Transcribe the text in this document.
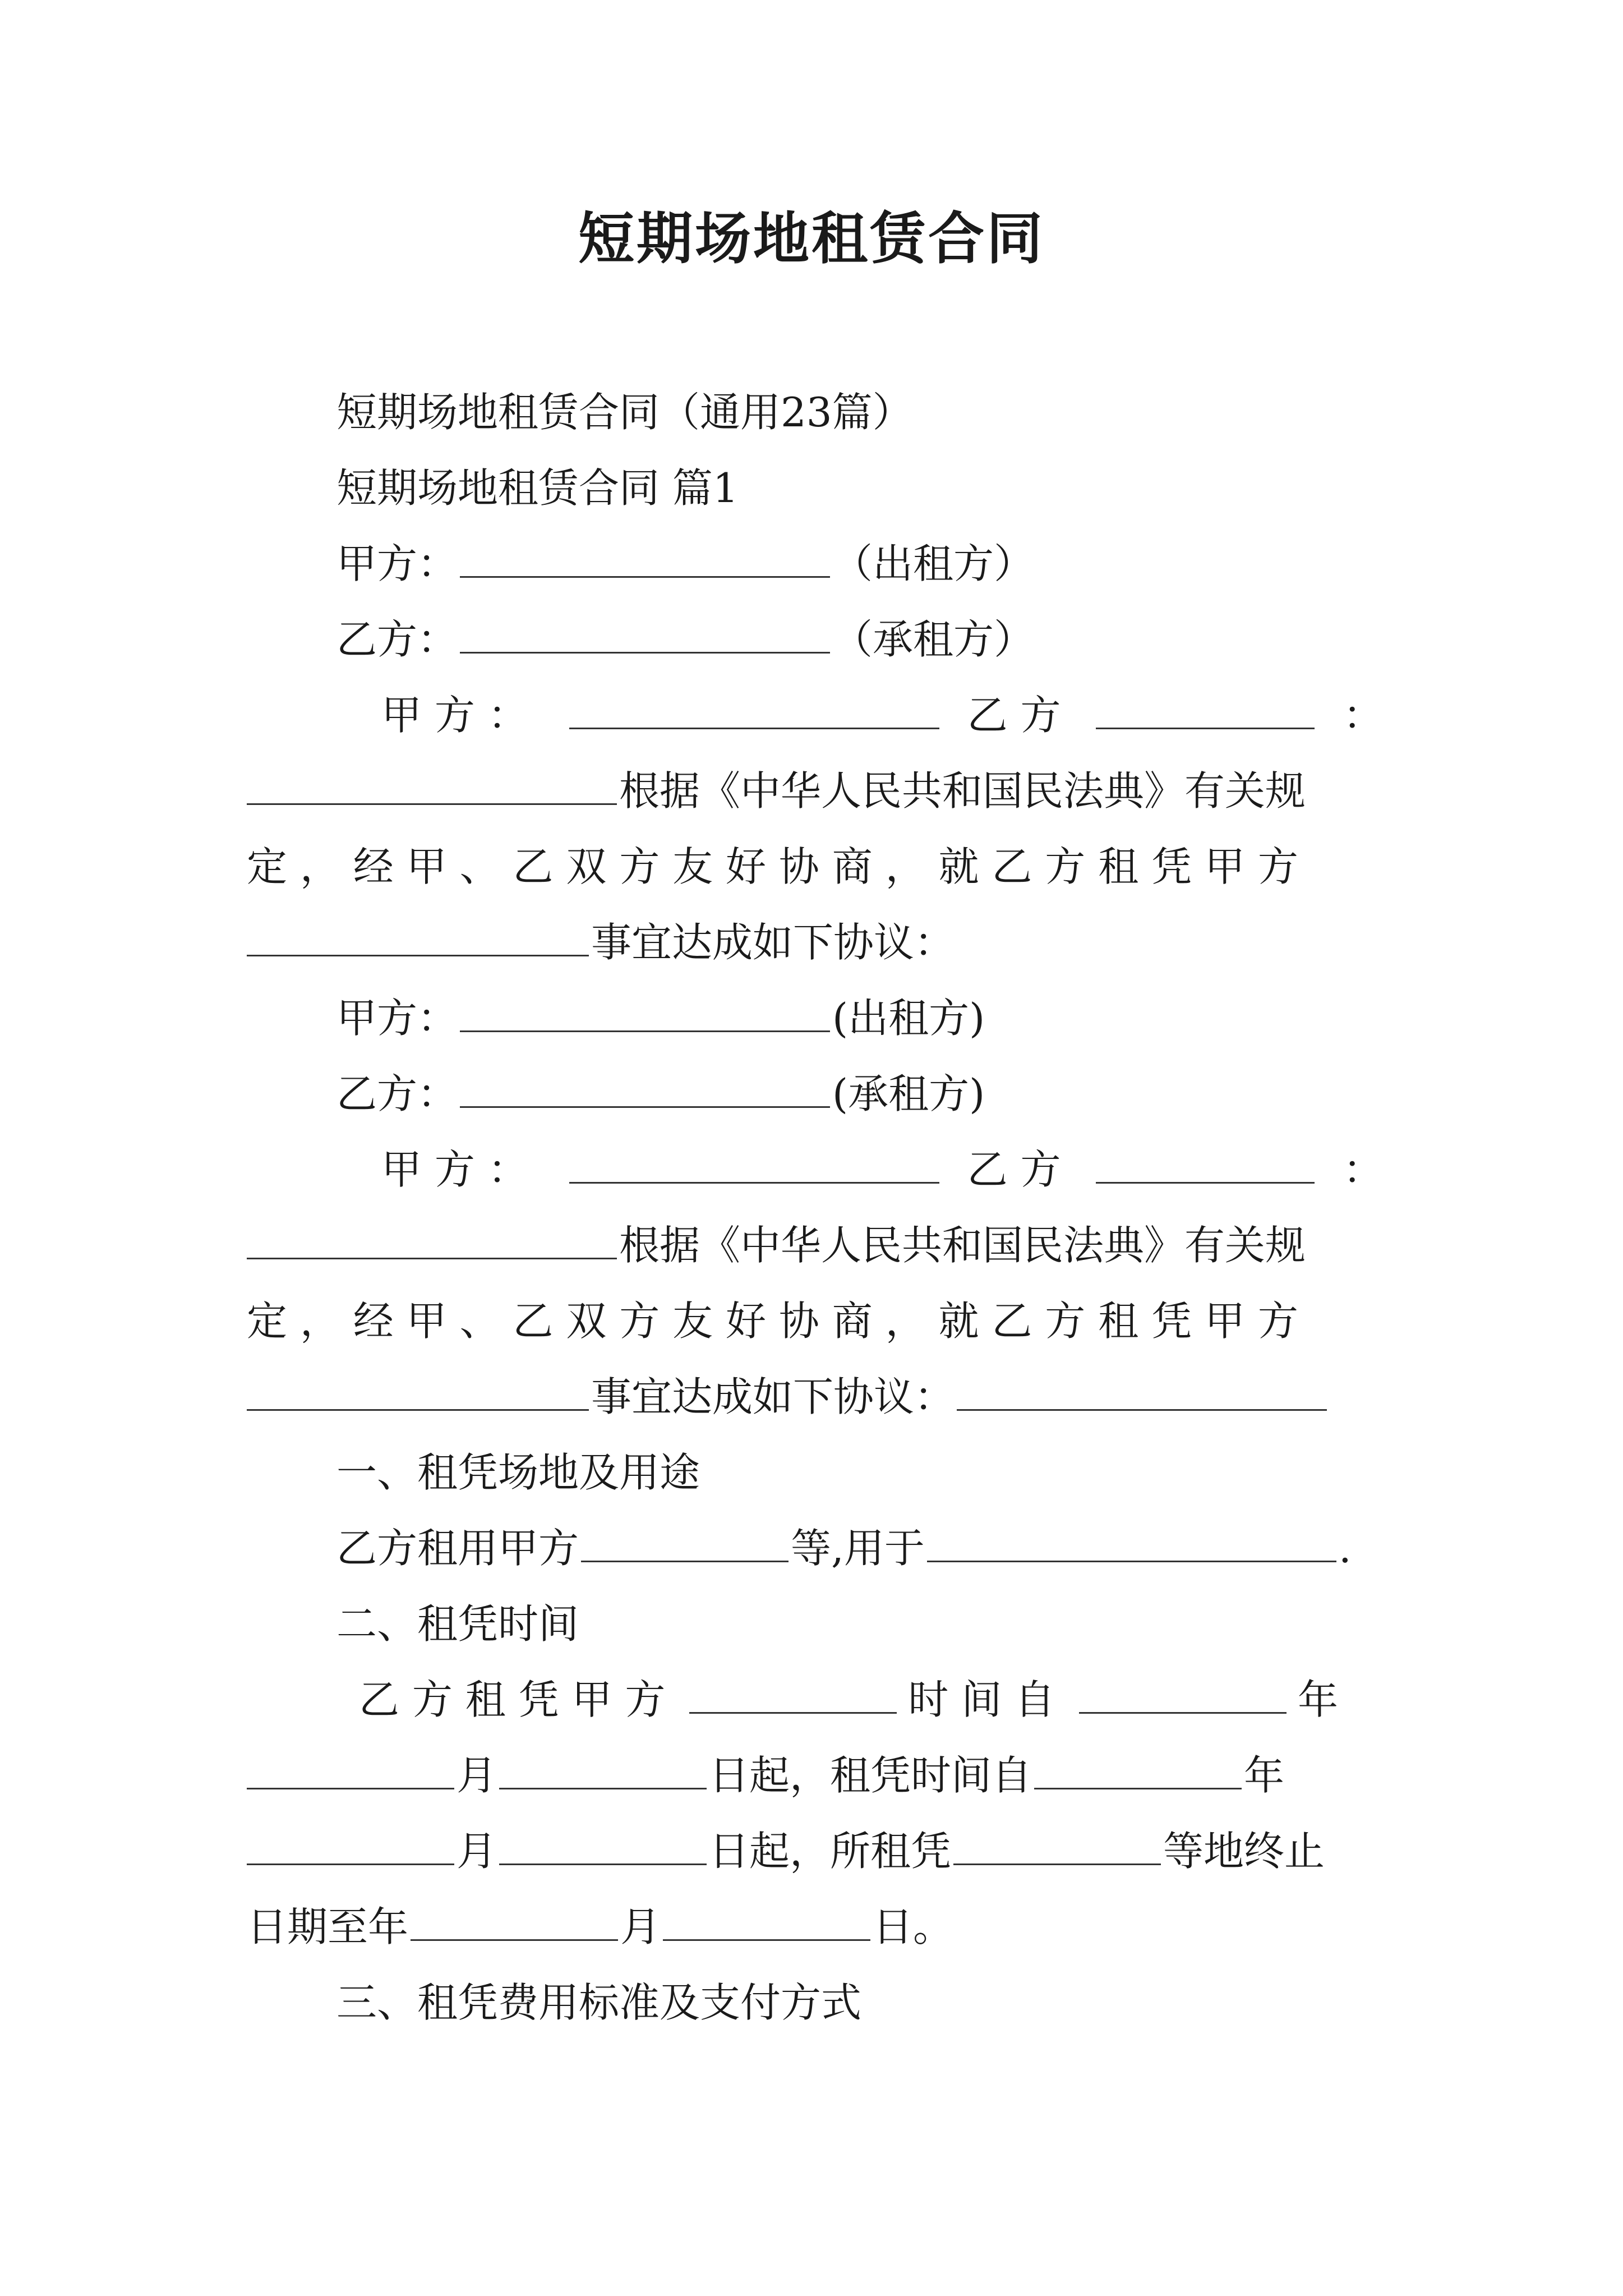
短期场地租赁合同
短期场地租赁合同（通用23篇）
短期场地租赁合同 篇1
甲方：	（出租方）
乙方：	（承租方）
甲 方 ：	乙 方	：
根据《中华人民共和国民法典》有关规
定 ， 经 甲 、 乙 双 方 友 好 协 商 ， 就 乙 方 租 凭 甲 方
事宜达成如下协议：
甲方：	(出租方)
乙方：	(承租方)
甲 方 ：	乙 方	：
根据《中华人民共和国民法典》有关规
定 ， 经 甲 、 乙 双 方 友 好 协 商 ， 就 乙 方 租 凭 甲 方
事宜达成如下协议：
一、租凭场地及用途
乙方租用甲方	等,用于	.
二、租凭时间
乙 方 租 凭 甲 方	时 间 自	年
月	日起，租凭时间自	年
月	日起，所租凭	等地终止
日期至年	月	日。
三、租凭费用标准及支付方式
